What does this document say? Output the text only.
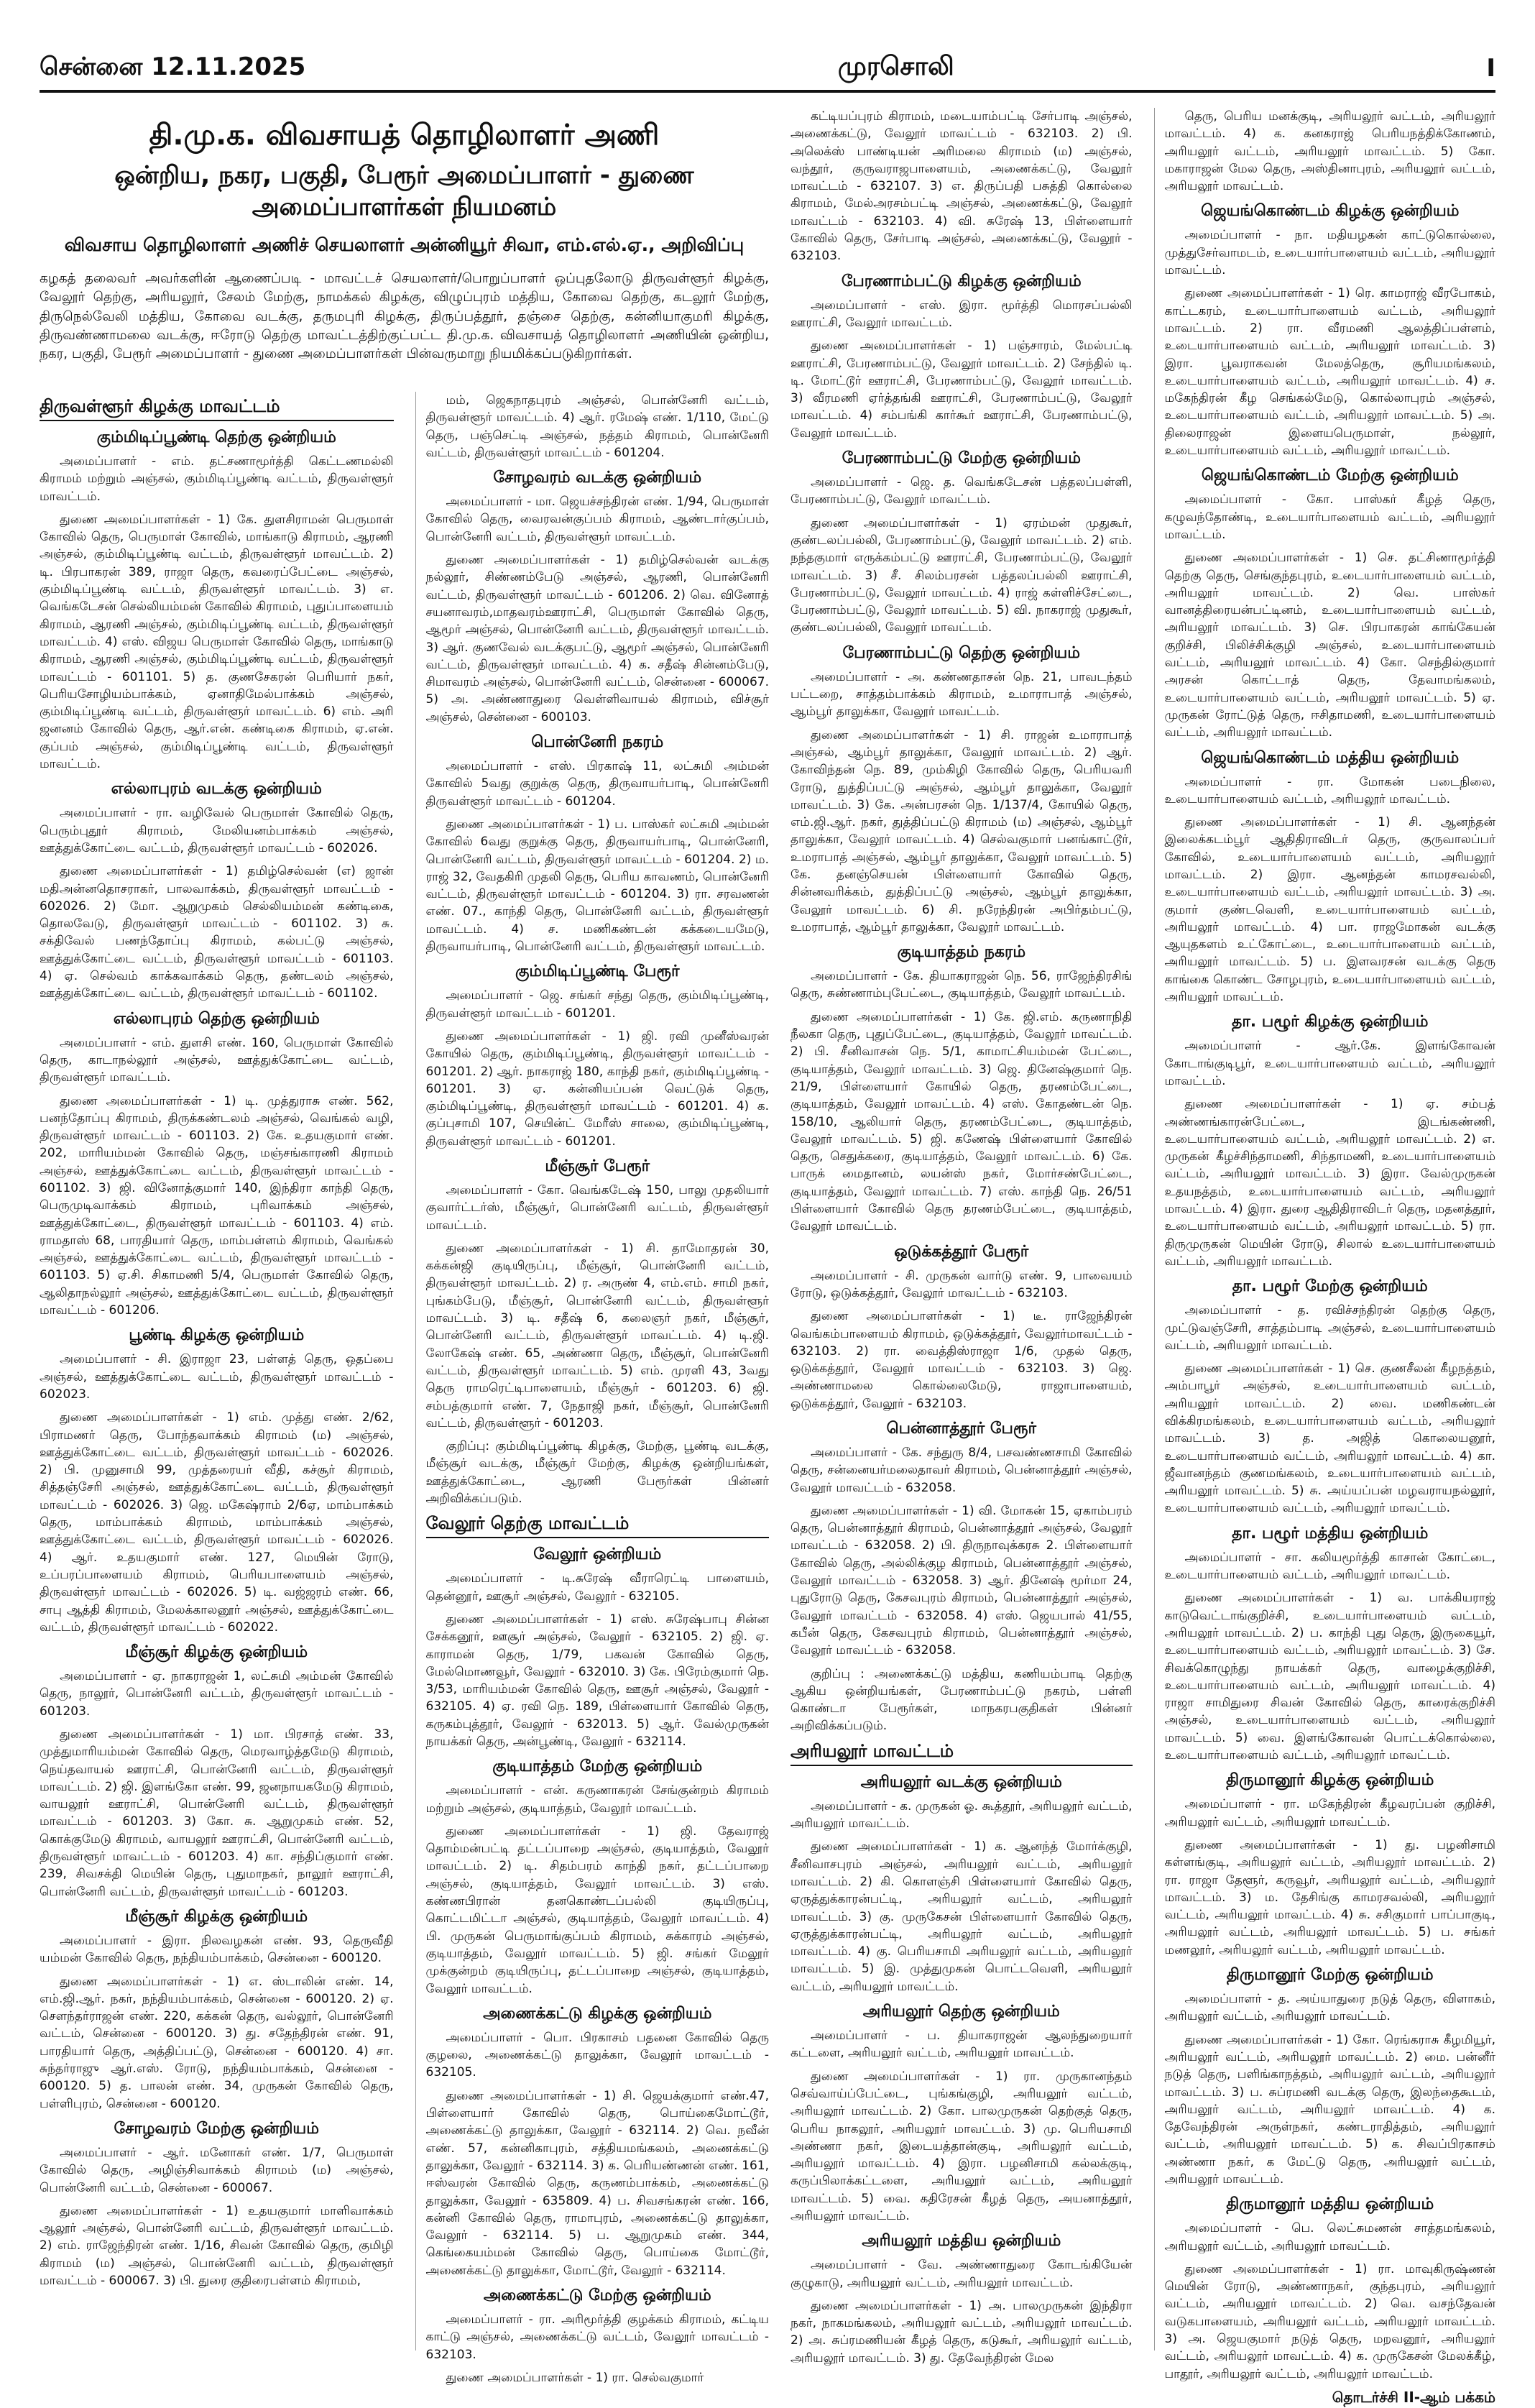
சென்னை 12.11.2025	முரசொலி	I
தி.மு.க. விவசாயத் தொழிலாளர் அணி
ஒன்றிய, நகர, பகுதி, பேரூர் அமைப்பாளர் - துணை அமைப்பாளர்கள் நியமனம்
விவசாய தொழிலாளர் அணிச் செயலாளர் அன்னியூர் சிவா, எம்.எல்.ஏ., அறிவிப்பு
கழகத் தலைவர் அவர்களின் ஆணைப்படி - மாவட்டச் செயலாளர்/பொறுப்பாளர் ஒப்புதலோடு திருவள்ளூர் கிழக்கு, வேலூர் தெற்கு, அரியலூர், சேலம் மேற்கு, நாமக்கல் கிழக்கு, விழுப்புரம் மத்திய, கோவை தெற்கு, கடலூர் மேற்கு, திருநெல்வேலி மத்திய, கோவை வடக்கு, தருமபுரி கிழக்கு, திருப்பத்தூர், தஞ்சை தெற்கு, கன்னியாகுமரி கிழக்கு, திருவண்ணாமலை வடக்கு, ஈரோடு தெற்கு மாவட்டத்திற்குட்பட்ட தி.மு.க. விவசாயத் தொழிலாளர் அணியின் ஒன்றிய, நகர, பகுதி, பேரூர் அமைப்பாளர் - துணை அமைப்பாளர்கள் பின்வருமாறு நியமிக்கப்படுகிறார்கள்.
திருவள்ளூர் கிழக்கு மாவட்டம்
கும்மிடிப்பூண்டி தெற்கு ஒன்றியம்

அமைப்பாளர் - எம். தட்சணாமூர்த்தி கெட்டணமல்லி கிராமம் மற்றும் அஞ்சல், கும்மிடிப்பூண்டி வட்டம், திருவள்ளூர் மாவட்டம்.

துணை அமைப்பாளர்கள் - 1) கே. துளசிராமன் பெருமாள் கோவில் தெரு, பெருமாள் கோவில், மாங்காடு கிராமம், ஆரணி அஞ்சல், கும்மிடிப்பூண்டி வட்டம், திருவள்ளூர் மாவட்டம். 2) டி. பிரபாகரன் 389, ராஜா தெரு, கவரைப்பேட்டை அஞ்சல், கும்மிடிப்பூண்டி வட்டம், திருவள்ளூர் மாவட்டம். 3) எ. வெங்கடேசன் செல்லியம்மன் கோவில் கிராமம், புதுப்பாளையம் கிராமம், ஆரணி அஞ்சல், கும்மிடிப்பூண்டி வட்டம், திருவள்ளூர் மாவட்டம். 4) எஸ். விஜய பெருமாள் கோவில் தெரு, மாங்காடு கிராமம், ஆரணி அஞ்சல், கும்மிடிப்பூண்டி வட்டம், திருவள்ளூர் மாவட்டம் - 601101. 5) த. குணசேகரன் பெரியார் நகர், பெரியசோழியம்பாக்கம், ஏனாதிமேல்பாக்கம் அஞ்சல், கும்மிடிப்பூண்டி வட்டம், திருவள்ளூர் மாவட்டம். 6) எம். அரி ஜனனம் கோவில் தெரு, ஆர்.என். கண்டிகை கிராமம், ஏ.என். குப்பம் அஞ்சல், கும்மிடிப்பூண்டி வட்டம், திருவள்ளூர் மாவட்டம்.

எல்லாபுரம் வடக்கு ஒன்றியம்

அமைப்பாளர் - ரா. வழிவேல் பெருமாள் கோவில் தெரு, பெரும்புதூர் கிராமம், மேலியனம்பாக்கம் அஞ்சல், ஊத்துக்கோட்டை வட்டம், திருவள்ளூர் மாவட்டம் - 602026.

துணை அமைப்பாளர்கள் - 1) தமிழ்செல்வன் (எ) ஜான் மதிஅன்னதொசராகர், பாலவாக்கம், திருவள்ளூர் மாவட்டம் - 602026. 2) மோ. ஆறுமுகம் செல்லியம்மன் கண்டிகை, தொலவேடு, திருவள்ளூர் மாவட்டம் - 601102. 3) சு. சக்திவேல் பணந்தோப்பு கிராமம், கல்பட்டு அஞ்சல், ஊத்துக்கோட்டை வட்டம், திருவள்ளூர் மாவட்டம் - 601103. 4) ஏ. செல்வம் காக்கவாக்கம் தெரு, தண்டலம் அஞ்சல், ஊத்துக்கோட்டை வட்டம், திருவள்ளூர் மாவட்டம் - 601102.

எல்லாபுரம் தெற்கு ஒன்றியம்

அமைப்பாளர் - எம். துளசி எண். 160, பெருமாள் கோவில் தெரு, காடாநல்லூர் அஞ்சல், ஊத்துக்கோட்டை வட்டம், திருவள்ளூர் மாவட்டம்.

துணை அமைப்பாளர்கள் - 1) டி. முத்துராசு எண். 562, பனந்தோப்பு கிராமம், திருக்கண்டலம் அஞ்சல், வெங்கல் வழி, திருவள்ளூர் மாவட்டம் - 601103. 2) கே. உதயகுமார் எண். 202, மாரியம்மன் கோவில் தெரு, மஞ்சங்காரணி கிராமம் அஞ்சல், ஊத்துக்கோட்டை வட்டம், திருவள்ளூர் மாவட்டம் - 601102. 3) ஜி. வினோத்குமார் 140, இந்திரா காந்தி தெரு, பெருமுடிவாக்கம் கிராமம், புரிவாக்கம் அஞ்சல், ஊத்துக்கோட்டை, திருவள்ளூர் மாவட்டம் - 601103. 4) எம். ராமதாஸ் 68, பாரதியார் தெரு, மாம்பள்ளம் கிராமம், வெங்கல் அஞ்சல், ஊத்துக்கோட்டை வட்டம், திருவள்ளூர் மாவட்டம் - 601103. 5) ஏ.சி. சிகாமணி 5/4, பெருமாள் கோவில் தெரு, ஆலிதாநல்லூர் அஞ்சல், ஊத்துக்கோட்டை வட்டம், திருவள்ளூர் மாவட்டம் - 601206.

பூண்டி கிழக்கு ஒன்றியம்

அமைப்பாளர் - சி. இராஜா 23, பள்ளத் தெரு, ஒதப்பை அஞ்சல், ஊத்துக்கோட்டை வட்டம், திருவள்ளூர் மாவட்டம் - 602023.

துணை அமைப்பாளர்கள் - 1) எம். முத்து எண். 2/62, பிராமணர் தெரு, போந்தவாக்கம் கிராமம் (ம) அஞ்சல், ஊத்துக்கோட்டை வட்டம், திருவள்ளூர் மாவட்டம் - 602026. 2) பி. முனுசாமி 99, முத்தரையர் வீதி, கச்சூர் கிராமம், சித்தஞ்சேரி அஞ்சல், ஊத்துக்கோட்டை வட்டம், திருவள்ளூர் மாவட்டம் - 602026. 3) ஜெ. மகேஷ்ராம் 2/6ஏ, மாம்பாக்கம் தெரு, மாம்பாக்கம் கிராமம், மாம்பாக்கம் அஞ்சல், ஊத்துக்கோட்டை வட்டம், திருவள்ளூர் மாவட்டம் - 602026. 4) ஆர். உதயகுமார் எண். 127, மெயின் ரோடு, உப்பரப்பாளையம் கிராமம், பெரியபாளையம் அஞ்சல், திருவள்ளூர் மாவட்டம் - 602026. 5) டி. வஜ்ஜரம் எண். 66, சாபு ஆத்தி கிராமம், மேலக்காலனூர் அஞ்சல், ஊத்துக்கோட்டை வட்டம், திருவள்ளூர் மாவட்டம் - 602022.

மீஞ்சூர் கிழக்கு ஒன்றியம்

அமைப்பாளர் - ஏ. நாகராஜன் 1, லட்சுமி அம்மன் கோவில் தெரு, நாலூர், பொன்னேரி வட்டம், திருவள்ளூர் மாவட்டம் - 601203.

துணை அமைப்பாளர்கள் - 1) மா. பிரசாத் எண். 33, முத்துமாரியம்மன் கோவில் தெரு, மெரவாழ்த்தமேடு கிராமம், நெய்தவாயல் ஊராட்சி, பொன்னேரி வட்டம், திருவள்ளூர் மாவட்டம். 2) ஜி. இளங்கோ எண். 99, ஜனநாயகமேடு கிராமம், வாயலூர் ஊராட்சி, பொன்னேரி வட்டம், திருவள்ளூர் மாவட்டம் - 601203. 3) கோ. சு. ஆறுமுகம் எண். 52, கொக்குமேடு கிராமம், வாயலூர் ஊராட்சி, பொன்னேரி வட்டம், திருவள்ளூர் மாவட்டம் - 601203. 4) கா. சந்திப்குமார் எண். 239, சிவசக்தி மெயின் தெரு, புதுமாநகர், நாலூர் ஊராட்சி, பொன்னேரி வட்டம், திருவள்ளூர் மாவட்டம் - 601203.

மீஞ்சூர் கிழக்கு ஒன்றியம்

அமைப்பாளர் - இரா. நிலவழகன் எண். 93, தெருவீதி யம்மன் கோவில் தெரு, நந்தியம்பாக்கம், சென்னை - 600120.

துணை அமைப்பாளர்கள் - 1) எ. ஸ்டாலின் எண். 14, எம்.ஜி.ஆர். நகர், நந்தியம்பாக்கம், சென்னை - 600120. 2) ஏ. சௌந்தர்ராஜன் எண். 220, கக்கன் தெரு, வல்லூர், பொன்னேரி வட்டம், சென்னை - 600120. 3) து. சதேந்திரன் எண். 91, பாரதியார் தெரு, அத்திப்பட்டு, சென்னை - 600120. 4) சா. சுந்தர்ராஜு ஆர்.எஸ். ரோடு, நந்தியம்பாக்கம், சென்னை - 600120. 5) த. பாலன் எண். 34, முருகன் கோவில் தெரு, பள்ளிபுரம், சென்னை - 600120.

சோழவரம் மேற்கு ஒன்றியம்

அமைப்பாளர் - ஆர். மனோகர் எண். 1/7, பெருமாள் கோவில் தெரு, அழிஞ்சிவாக்கம் கிராமம் (ம) அஞ்சல், பொன்னேரி வட்டம், சென்னை - 600067.

துணை அமைப்பாளர்கள் - 1) உதயகுமார் மாளிவாக்கம் ஆலூர் அஞ்சல், பொன்னேரி வட்டம், திருவள்ளூர் மாவட்டம். 2) எம். ராஜேந்திரன் எண். 1/16, சிவன் கோவில் தெரு, குமிழி கிராமம் (ம) அஞ்சல், பொன்னேரி வட்டம், திருவள்ளூர் மாவட்டம் - 600067. 3) பி. துரை குதிரைபள்ளம் கிராமம்,

மம், ஜெகநாதபுரம் அஞ்சல், பொன்னேரி வட்டம், திருவள்ளூர் மாவட்டம். 4) ஆர். ரமேஷ் எண். 1/110, மேட்டு தெரு, பஞ்செட்டி அஞ்சல், நத்தம் கிராமம், பொன்னேரி வட்டம், திருவள்ளூர் மாவட்டம் - 601204.

சோழவரம் வடக்கு ஒன்றியம்

அமைப்பாளர் - மா. ஜெயச்சந்திரன் எண். 1/94, பெருமாள் கோவில் தெரு, வைரவன்குப்பம் கிராமம், ஆண்டார்குப்பம், பொன்னேரி வட்டம், திருவள்ளூர் மாவட்டம்.

துணை அமைப்பாளர்கள் - 1) தமிழ்செல்வன் வடக்கு நல்லூர், சிண்ணம்பேடு அஞ்சல், ஆரணி, பொன்னேரி வட்டம், திருவள்ளூர் மாவட்டம் - 601206. 2) வெ. வினோத் சயனாவரம்,மாதவரம்ஊராட்சி, பெருமாள் கோவில் தெரு, ஆமூர் அஞ்சல், பொன்னேரி வட்டம், திருவள்ளூர் மாவட்டம். 3) ஆர். குணவேல் வடக்குபட்டு, ஆமூர் அஞ்சல், பொன்னேரி வட்டம், திருவள்ளூர் மாவட்டம். 4) க. சதீஷ் சின்னம்பேடு, சிமாவரம் அஞ்சல், பொன்னேரி வட்டம், சென்னை - 600067. 5) அ. அண்ணாதுரை வெள்ளிவாயல் கிராமம், விச்சூர் அஞ்சல், சென்னை - 600103.

பொன்னேரி நகரம்

அமைப்பாளர் - எஸ். பிரகாஷ் 11, லட்சுமி அம்மன் கோவில் 5வது குறுக்கு தெரு, திருவாயர்பாடி, பொன்னேரி திருவள்ளூர் மாவட்டம் - 601204.

துணை அமைப்பாளர்கள் - 1) ப. பாஸ்கர் லட்சுமி அம்மன் கோவில் 6வது குறுக்கு தெரு, திருவாயர்பாடி, பொன்னேரி, பொன்னேரி வட்டம், திருவள்ளூர் மாவட்டம் - 601204. 2) ம. ராஜ் 32, வேதகிரி முதலி தெரு, பெரிய காவணம், பொன்னேரி வட்டம், திருவள்ளூர் மாவட்டம் - 601204. 3) ரா. சரவணன் எண். 07., காந்தி தெரு, பொன்னேரி வட்டம், திருவள்ளூர் மாவட்டம். 4) ச. மணிகண்டன் கக்கடையமேடு, திருவாயர்பாடி, பொன்னேரி வட்டம், திருவள்ளூர் மாவட்டம்.

கும்மிடிப்பூண்டி பேரூர்

அமைப்பாளர் - ஜெ. சங்கர் சந்து தெரு, கும்மிடிப்பூண்டி, திருவள்ளூர் மாவட்டம் - 601201.

துணை அமைப்பாளர்கள் - 1) ஜி. ரவி முனீஸ்வரன் கோயில் தெரு, கும்மிடிப்பூண்டி, திருவள்ளூர் மாவட்டம் - 601201. 2) ஆர். நாகராஜ் 180, காந்தி நகர், கும்மிடிப்பூண்டி - 601201. 3) ஏ. கன்னியப்பன் வெட்டுக் தெரு, கும்மிடிப்பூண்டி, திருவள்ளூர் மாவட்டம் - 601201. 4) க. குப்புசாமி 107, செயின்ட் மேரீஸ் சாலை, கும்மிடிப்பூண்டி, திருவள்ளூர் மாவட்டம் - 601201.

மீஞ்சூர் பேரூர்

அமைப்பாளர் - கோ. வெங்கடேஷ் 150, பாலு முதலியார் குவார்ட்டர்ஸ், மீஞ்சூர், பொன்னேரி வட்டம், திருவள்ளூர் மாவட்டம்.

துணை அமைப்பாளர்கள் - 1) சி. தாமோதரன் 30, கக்கன்ஜி குடியிருப்பு, மீஞ்சூர், பொன்னேரி வட்டம், திருவள்ளூர் மாவட்டம். 2) ர. அருண் 4, எம்.எம். சாமி நகர், புங்கம்பேடு, மீஞ்சூர், பொன்னேரி வட்டம், திருவள்ளூர் மாவட்டம். 3) டி. சதீஷ் 6, கலைஞர் நகர், மீஞ்சூர், பொன்னேரி வட்டம், திருவள்ளூர் மாவட்டம். 4) டி.ஜி. லோகேஷ் எண். 65, அண்ணா தெரு, மீஞ்சூர், பொன்னேரி வட்டம், திருவள்ளூர் மாவட்டம். 5) எம். முரளி 43, 3வது தெரு ராமரெட்டிபாளையம், மீஞ்சூர் - 601203. 6) ஜி. சம்பத்குமார் எண். 7, நேதாஜி நகர், மீஞ்சூர், பொன்னேரி வட்டம், திருவள்ளூர் - 601203.

குறிப்பு: கும்மிடிப்பூண்டி கிழக்கு, மேற்கு, பூண்டி வடக்கு, மீஞ்சூர் வடக்கு, மீஞ்சூர் மேற்கு, கிழக்கு ஒன்றியங்கள், ஊத்துக்கோட்டை, ஆரணி பேரூர்கள் பின்னர் அறிவிக்கப்படும்.

வேலூர் தெற்கு மாவட்டம்
வேலூர் ஒன்றியம்

அமைப்பாளர் - டி.சுரேஷ் வீராரெட்டி பாளையம், தென்னூர், ஊசூர் அஞ்சல், வேலூர் - 632105.

துணை அமைப்பாளர்கள் - 1) எஸ். சுரேஷ்பாபு சின்ன சேக்கனூர், ஊசூர் அஞ்சல், வேலூர் - 632105. 2) ஜி. ஏ. காராமன் தெரு, 1/79, பகவன் கோவில் தெரு, மேல்மொணவூர், வேலூர் - 632010. 3) கே. பிரேம்குமார் நெ. 3/53, மாரியம்மன் கோவில் தெரு, ஊசூர் அஞ்சல், வேலூர் - 632105. 4) ஏ. ரவி நெ. 189, பிள்ளையார் கோவில் தெரு, கருகம்புத்தூர், வேலூர் - 632013. 5) ஆர். வேல்முருகன் நாயக்கர் தெரு, அன்பூண்டி, வேலூர் - 632114.

குடியாத்தம் மேற்கு ஒன்றியம்

அமைப்பாளர் - என். கருணாகரன் சேங்குன்றம் கிராமம் மற்றும் அஞ்சல், குடியாத்தம், வேலூர் மாவட்டம்.

துணை அமைப்பாளர்கள் - 1) ஜி. தேவராஜ் தொம்மன்பட்டி தட்டப்பாறை அஞ்சல், குடியாத்தம், வேலூர் மாவட்டம். 2) டி. சிதம்பரம் காந்தி நகர், தட்டப்பாறை அஞ்சல், குடியாத்தம், வேலூர் மாவட்டம். 3) எஸ். கண்ணபிரான் தனகொண்டப்பல்லி குடியிருப்பு, கொட்டமிட்டா அஞ்சல், குடியாத்தம், வேலூர் மாவட்டம். 4) பி. முருகன் பெருமாங்குப்பம் கிராமம், சுக்காரம் அஞ்சல், குடியாத்தம், வேலூர் மாவட்டம். 5) ஜி. சங்கர் மேலூர் முக்குன்றம் குடியிருப்பு, தட்டப்பாறை அஞ்சல், குடியாத்தம், வேலூர் மாவட்டம்.

அணைக்கட்டு கிழக்கு ஒன்றியம்

அமைப்பாளர் - பொ. பிரகாசம் பதனை கோவில் தெரு குழலை, அணைக்கட்டு தாலுக்கா, வேலூர் மாவட்டம் - 632105.

துணை அமைப்பாளர்கள் - 1) சி. ஜெயக்குமார் எண்.47, பிள்ளையார் கோவில் தெரு, பொய்கைமோட்டூர், அணைக்கட்டு தாலுக்கா, வேலூர் - 632114. 2) வெ. நவீன் எண். 57, கன்னிகாபுரம், சத்தியமங்கலம், அணைக்கட்டு தாலுக்கா, வேலூர் - 632114. 3) க. பெரியண்ணன் எண். 161, ஈஸ்வரன் கோவில் தெரு, கருணம்பாக்கம், அணைக்கட்டு தாலுக்கா, வேலூர் - 635809. 4) ப. சிவசங்கரன் எண். 166, கன்னி கோவில் தெரு, ராமாபுரம், அணைக்கட்டு தாலுக்கா, வேலூர் - 632114. 5) ப. ஆறுமுகம் எண். 344, கெங்கையம்மன் கோவில் தெரு, பொய்கை மோட்டூர், அணைக்கட்டு தாலுக்கா, மோட்டூர், வேலூர் - 632114.

அணைக்கட்டு மேற்கு ஒன்றியம்

அமைப்பாளர் - ரா. அரிமூர்த்தி குழக்கம் கிராமம், கட்டிய காட்டு அஞ்சல், அணைக்கட்டு வட்டம், வேலூர் மாவட்டம் - 632103.

துணை அமைப்பாளர்கள் - 1) ரா. செல்வகுமார்

கட்டியப்புரம் கிராமம், மடையாம்பட்டி சேர்பாடி அஞ்சல், அணைக்கட்டு, வேலூர் மாவட்டம் - 632103. 2) பி. அலெக்ஸ் பாண்டியன் அரிமலை கிராமம் (ம) அஞ்சல், வந்தூர், குருவராஜபாளையம், அணைக்கட்டு, வேலூர் மாவட்டம் - 632107. 3) எ. திருப்பதி பசுத்தி கொல்லை கிராமம், மேல்அரசம்பட்டி அஞ்சல், அணைக்கட்டு, வேலூர் மாவட்டம் - 632103. 4) வி. சுரேஷ் 13, பிள்ளையார் கோவில் தெரு, சேர்பாடி அஞ்சல், அணைக்கட்டு, வேலூர் - 632103.

பேரணாம்பட்டு கிழக்கு ஒன்றியம்

அமைப்பாளர் - எஸ். இரா. மூர்த்தி மொரசப்பல்லி ஊராட்சி, வேலூர் மாவட்டம்.

துணை அமைப்பாளர்கள் - 1) பஞ்சாரம், மேல்பட்டி ஊராட்சி, பேரணாம்பட்டு, வேலூர் மாவட்டம். 2) சேந்தில் டி. டி. மோட்டூர் ஊராட்சி, பேரணாம்பட்டு, வேலூர் மாவட்டம். 3) வீரமணி ஏர்த்தங்கி ஊராட்சி, பேரணாம்பட்டு, வேலூர் மாவட்டம். 4) சம்பங்கி கார்கூர் ஊராட்சி, பேரணாம்பட்டு, வேலூர் மாவட்டம்.

பேரணாம்பட்டு மேற்கு ஒன்றியம்

அமைப்பாளர் - ஜெ. த. வெங்கடேசன் பத்தலப்பள்ளி, பேரணாம்பட்டு, வேலூர் மாவட்டம்.

துணை அமைப்பாளர்கள் - 1) ஏரம்மன் முதுகூர், குண்டலப்பல்லி, பேரணாம்பட்டு, வேலூர் மாவட்டம். 2) எம். நந்தகுமார் எருக்கம்பட்டு ஊராட்சி, பேரணாம்பட்டு, வேலூர் மாவட்டம். 3) சீ. சிலம்பரசன் பத்தலப்பல்லி ஊராட்சி, பேரணாம்பட்டு, வேலூர் மாவட்டம். 4) ராஜ் கள்ளிச்சேட்டை, பேரணாம்பட்டு, வேலூர் மாவட்டம். 5) வி. நாகராஜ் முதுகூர், குண்டலப்பல்லி, வேலூர் மாவட்டம்.

பேரணாம்பட்டு தெற்கு ஒன்றியம்

அமைப்பாளர் - அ. கண்ணதாசன் நெ. 21, பாவடந்தம் பட்டறை, சாத்தம்பாக்கம் கிராமம், உமாராபாத் அஞ்சல், ஆம்பூர் தாலுக்கா, வேலூர் மாவட்டம்.

துணை அமைப்பாளர்கள் - 1) சி. ராஜன் உமாராபாத் அஞ்சல், ஆம்பூர் தாலுக்கா, வேலூர் மாவட்டம். 2) ஆர். கோவிந்தன் நெ. 89, மும்கிழி கோவில் தெரு, பெரியவரி ரோடு, துத்திப்பட்டு அஞ்சல், ஆம்பூர் தாலுக்கா, வேலூர் மாவட்டம். 3) கே. அன்பரசன் நெ. 1/137/4, கோயில் தெரு, எம்.ஜி.ஆர். நகர், துத்திப்பட்டு கிராமம் (ம) அஞ்சல், ஆம்பூர் தாலுக்கா, வேலூர் மாவட்டம். 4) செல்வகுமார் பனங்காட்டூர், உமராபாத் அஞ்சல், ஆம்பூர் தாலுக்கா, வேலூர் மாவட்டம். 5) கே. தனஞ்செயன் பிள்ளையார் கோவில் தெரு, சின்னவரிக்கம், துத்திப்பட்டு அஞ்சல், ஆம்பூர் தாலுக்கா, வேலூர் மாவட்டம். 6) சி. நரேந்திரன் அபிர்தம்பட்டு, உமராபாத், ஆம்பூர் தாலுக்கா, வேலூர் மாவட்டம்.

குடியாத்தம் நகரம்

அமைப்பாளர் - கே. தியாகராஜன் நெ. 56, ராஜேந்திரசிங் தெரு, சுண்ணாம்புபேட்டை, குடியாத்தம், வேலூர் மாவட்டம்.

துணை அமைப்பாளர்கள் - 1) கே. ஜி.எம். கருணாநிதி நீலகா தெரு, புதுப்பேட்டை, குடியாத்தம், வேலூர் மாவட்டம். 2) பி. சீனிவாசன் நெ. 5/1, காமாட்சியம்மன் பேட்டை, குடியாத்தம், வேலூர் மாவட்டம். 3) ஜெ. தினேஷ்குமார் நெ. 21/9, பிள்ளையார் கோயில் தெரு, தரணம்பேட்டை, குடியாத்தம், வேலூர் மாவட்டம். 4) எஸ். கோதண்டன் நெ. 158/10, ஆலியார் தெரு, தரணம்பேட்டை, குடியாத்தம், வேலூர் மாவட்டம். 5) ஜி. கணேஷ் பிள்ளையார் கோவில் தெரு, செதுக்கரை, குடியாத்தம், வேலூர் மாவட்டம். 6) கே. பாருக் மைதானம், லயன்ஸ் நகர், மோர்சண்பேட்டை, குடியாத்தம், வேலூர் மாவட்டம். 7) எஸ். காந்தி நெ. 26/51 பிள்ளையார் கோவில் தெரு தரணம்பேட்டை, குடியாத்தம், வேலூர் மாவட்டம்.

ஒடுக்கத்தூர் பேரூர்

அமைப்பாளர் - சி. முருகன் வார்டு எண். 9, பாவையம் ரோடு, ஒடுக்கத்தூர், வேலூர் மாவட்டம் - 632103.

துணை அமைப்பாளர்கள் - 1) டீ. ராஜேந்திரன் வெங்கம்பாளையம் கிராமம், ஒடுக்கத்தூர், வேலூர்மாவட்டம் - 632103. 2) ரா. வைத்திஸ்ராஜா 1/6, முதல் தெரு, ஒடுக்கத்தூர், வேலூர் மாவட்டம் - 632103. 3) ஜெ. அண்ணாமலை கொல்லைமேடு, ராஜாபாளையம், ஒடுக்கத்தூர், வேலூர் - 632103.

பென்னாத்தூர் பேரூர்

அமைப்பாளர் - கே. சந்துரு 8/4, பசவண்ணசாமி கோவில் தெரு, சன்னையர்மலைதாவர் கிராமம், பென்னாத்தூர் அஞ்சல், வேலூர் மாவட்டம் - 632058.

துணை அமைப்பாளர்கள் - 1) வி. மோகன் 15, ஏகாம்பரம் தெரு, பென்னாத்தூர் கிராமம், பென்னாத்தூர் அஞ்சல், வேலூர் மாவட்டம் - 632058. 2) பி. திருநாவுக்கரசு 2. பிள்ளையார் கோவில் தெரு, அல்லிக்குழ கிராமம், பென்னாத்தூர் அஞ்சல், வேலூர் மாவட்டம் - 632058. 3) ஆர். தினேஷ் மூர்மா 24, புதுரோடு தெரு, கேசவபுரம் கிராமம், பென்னாத்தூர் அஞ்சல், வேலூர் மாவட்டம் - 632058. 4) எஸ். ஜெயபால் 41/55, கபீன் தெரு, கேசவபுரம் கிராமம், பென்னாத்தூர் அஞ்சல், வேலூர் மாவட்டம் - 632058.

குறிப்பு : அணைக்கட்டு மத்திய, கணியம்பாடி தெற்கு ஆகிய ஒன்றியங்கள், பேரணாம்பட்டு நகரம், பள்ளி கொண்டா பேரூர்கள், மாநகரபகுதிகள் பின்னர் அறிவிக்கப்படும்.

அரியலூர் மாவட்டம்
அரியலூர் வடக்கு ஒன்றியம்

அமைப்பாளர் - க. முருகன் ஓ. கூத்தூர், அரியலூர் வட்டம், அரியலூர் மாவட்டம்.

துணை அமைப்பாளர்கள் - 1) க. ஆனந்த் மோர்க்குழி, சீனிவாசபுரம் அஞ்சல், அரியலூர் வட்டம், அரியலூர் மாவட்டம். 2) கி. கொளஞ்சி பிள்ளையார் கோவில் தெரு, ஏருத்துக்காரன்பட்டி, அரியலூர் வட்டம், அரியலூர் மாவட்டம். 3) கு. முருகேசன் பிள்ளையார் கோவில் தெரு, ஏருத்துக்காரன்பட்டி, அரியலூர் வட்டம், அரியலூர் மாவட்டம். 4) கு. பெரியசாமி அரியலூர் வட்டம், அரியலூர் மாவட்டம். 5) இ. முத்துமுகன் பொட்டவெளி, அரியலூர் வட்டம், அரியலூர் மாவட்டம்.

அரியலூர் தெற்கு ஒன்றியம்

அமைப்பாளர் - ப. தியாகராஜன் ஆலந்துறையார் கட்டளை, அரியலூர் வட்டம், அரியலூர் மாவட்டம்.

துணை அமைப்பாளர்கள் - 1) ரா. முருகானந்தம் செவ்வாய்ப்பேட்டை, புங்கங்குழி, அரியலூர் வட்டம், அரியலூர் மாவட்டம். 2) கோ. பாலமுருகன் தெற்குத் தெரு, பெரிய நாகலூர், அரியலூர் மாவட்டம். 3) மு. பெரியசாமி அண்ணா நகர், இடையத்தான்குடி, அரியலூர் வட்டம், அரியலூர் மாவட்டம். 4) இரா. பழனிசாமி கல்லக்குடி, கருப்பிலாக்கட்டளை, அரியலூர் வட்டம், அரியலூர் மாவட்டம். 5) வை. கதிரேசன் கீழத் தெரு, அயனாத்தூர், அரியலூர் மாவட்டம்.

அரியலூர் மத்திய ஒன்றியம்

அமைப்பாளர் - வே. அண்ணாதுரை கோடங்கியேன் குழுகாடு, அரியலூர் வட்டம், அரியலூர் மாவட்டம்.

துணை அமைப்பாளர்கள் - 1) அ. பாலமுருகன் இந்திரா நகர், நாகமங்கலம், அரியலூர் வட்டம், அரியலூர் மாவட்டம். 2) அ. சுப்ரமணியன் கீழத் தெரு, கடுகூர், அரியலூர் வட்டம், அரியலூர் மாவட்டம். 3) து. தேவேந்திரன் மேல

தெரு, பெரிய மனக்குடி, அரியலூர் வட்டம், அரியலூர் மாவட்டம். 4) க. கனகராஜ் பெரியநத்திக்கோணம், அரியலூர் வட்டம், அரியலூர் மாவட்டம். 5) கோ. மகாராஜன் மேல தெரு, அஸ்தினாபுரம், அரியலூர் வட்டம், அரியலூர் மாவட்டம்.

ஜெயங்கொண்டம் கிழக்கு ஒன்றியம்

அமைப்பாளர் - நா. மதியழகன் காட்டுகொல்லை, முத்துசேர்வாமடம், உடையார்பாளையம் வட்டம், அரியலூர் மாவட்டம்.

துணை அமைப்பாளர்கள் - 1) ரெ. காமராஜ் வீரபோகம், காட்டகரம், உடையார்பாளையம் வட்டம், அரியலூர் மாவட்டம். 2) ரா. வீரமணி ஆலத்திப்பள்ளம், உடையார்பாளையம் வட்டம், அரியலூர் மாவட்டம். 3) இரா. பூவராகவன் மேலத்தெரு, சூரியமங்கலம், உடையார்பாளையம் வட்டம், அரியலூர் மாவட்டம். 4) ச. மகேந்திரன் கீழ செங்கல்மேடு, கொல்லாபுரம் அஞ்சல், உடையார்பாளையம் வட்டம், அரியலூர் மாவட்டம். 5) அ. திலைராஜன் இளையபெருமாள், நல்லூர், உடையார்பாளையம் வட்டம், அரியலூர் மாவட்டம்.

ஜெயங்கொண்டம் மேற்கு ஒன்றியம்

அமைப்பாளர் - கோ. பாஸ்கர் கீழத் தெரு, கழுவந்தோண்டி, உடையார்பாளையம் வட்டம், அரியலூர் மாவட்டம்.

துணை அமைப்பாளர்கள் - 1) செ. தட்சிணாமூர்த்தி தெற்கு தெரு, செங்குந்தபுரம், உடையார்பாளையம் வட்டம், அரியலூர் மாவட்டம். 2) வெ. பாஸ்கர் வானத்திரையன்பட்டினம், உடையார்பாளையம் வட்டம், அரியலூர் மாவட்டம். 3) செ. பிரபாகரன் காங்கேயன் குறிச்சி, பிலிச்சிக்குழி அஞ்சல், உடையார்பாளையம் வட்டம், அரியலூர் மாவட்டம். 4) கோ. செந்தில்குமார் அரசன் கொட்டாத் தெரு, தேவாமங்கலம், உடையார்பாளையம் வட்டம், அரியலூர் மாவட்டம். 5) ஏ. முருகன் ரோட்டுத் தெரு, ஈசிதாமணி, உடையார்பாளையம் வட்டம், அரியலூர் மாவட்டம்.

ஜெயங்கொண்டம் மத்திய ஒன்றியம்

அமைப்பாளர் - ரா. மோகன் படைநிலை, உடையார்பாளையம் வட்டம், அரியலூர் மாவட்டம்.

துணை அமைப்பாளர்கள் - 1) சி. ஆனந்தன் இலைக்கடம்பூர் ஆதிதிராவிடர் தெரு, குருவாலப்பர் கோவில், உடையார்பாளையம் வட்டம், அரியலூர் மாவட்டம். 2) இரா. ஆனந்தன் காமரசவல்லி, உடையார்பாளையம் வட்டம், அரியலூர் மாவட்டம். 3) அ. குமார் குண்டவெளி, உடையார்பாளையம் வட்டம், அரியலூர் மாவட்டம். 4) பா. ராஜமோகன் வடக்கு ஆயுதகளம் உட்கோட்டை, உடையார்பாளையம் வட்டம், அரியலூர் மாவட்டம். 5) ப. இளவரசன் வடக்கு தெரு காங்கை கொண்ட சோழபுரம், உடையார்பாளையம் வட்டம், அரியலூர் மாவட்டம்.

தா. பழூர் கிழக்கு ஒன்றியம்

அமைப்பாளர் - ஆர்.கே. இளங்கோவன் கோடாங்குடிபூர், உடையார்பாளையம் வட்டம், அரியலூர் மாவட்டம்.

துணை அமைப்பாளர்கள் - 1) ஏ. சம்பத் அண்ணங்காரன்பேட்டை, இடங்கண்ணி, உடையார்பாளையம் வட்டம், அரியலூர் மாவட்டம். 2) எ. முருகன் கீழச்சிந்தாமணி, சிந்தாமணி, உடையார்பாளையம் வட்டம், அரியலூர் மாவட்டம். 3) இரா. வேல்முருகன் உதயநத்தம், உடையார்பாளையம் வட்டம், அரியலூர் மாவட்டம். 4) இரா. துரை ஆதிதிராவிடர் தெரு, மதனத்தூர், உடையார்பாளையம் வட்டம், அரியலூர் மாவட்டம். 5) ரா. திருமுருகன் மெயின் ரோடு, சிலால் உடையார்பாளையம் வட்டம், அரியலூர் மாவட்டம்.

தா. பழூர் மேற்கு ஒன்றியம்

அமைப்பாளர் - த. ரவிச்சந்திரன் தெற்கு தெரு, முட்டுவஞ்சேரி, சாத்தம்பாடி அஞ்சல், உடையார்பாளையம் வட்டம், அரியலூர் மாவட்டம்.

துணை அமைப்பாளர்கள் - 1) செ. குணசீலன் கீழநத்தம், அம்பாபூர் அஞ்சல், உடையார்பாளையம் வட்டம், அரியலூர் மாவட்டம். 2) வை. மணிகண்டன் விக்கிரமங்கலம், உடையார்பாளையம் வட்டம், அரியலூர் மாவட்டம். 3) த. அஜித் கொலையனூர், உடையார்பாளையம் வட்டம், அரியலூர் மாவட்டம். 4) கா. ஜீவானந்தம் குணமங்கலம், உடையார்பாளையம் வட்டம், அரியலூர் மாவட்டம். 5) சு. அய்யப்பன் மழவராயநல்லூர், உடையார்பாளையம் வட்டம், அரியலூர் மாவட்டம்.

தா. பழூர் மத்திய ஒன்றியம்

அமைப்பாளர் - சா. கலியமூர்த்தி காசான் கோட்டை, உடையார்பாளையம் வட்டம், அரியலூர் மாவட்டம்.

துணை அமைப்பாளர்கள் - 1) வ. பாக்கியராஜ் காடுவெட்டாங்குறிச்சி, உடையார்பாளையம் வட்டம், அரியலூர் மாவட்டம். 2) ப. காந்தி புது தெரு, இருகையூர், உடையார்பாளையம் வட்டம், அரியலூர் மாவட்டம். 3) சே. சிவக்கொழுந்து நாயக்கர் தெரு, வாழைக்குறிச்சி, உடையார்பாளையம் வட்டம், அரியலூர் மாவட்டம். 4) ராஜா சாமிதுரை சிவன் கோவில் தெரு, காரைக்குறிச்சி அஞ்சல், உடையார்பாளையம் வட்டம், அரியலூர் மாவட்டம். 5) வை. இளங்கோவன் பொட்டக்கொல்லை, உடையார்பாளையம் வட்டம், அரியலூர் மாவட்டம்.

திருமானூர் கிழக்கு ஒன்றியம்

அமைப்பாளர் - ரா. மகேந்திரன் கீழவரப்பன் குறிச்சி, அரியலூர் வட்டம், அரியலூர் மாவட்டம்.

துணை அமைப்பாளர்கள் - 1) து. பழனிசாமி கள்ளங்குடி, அரியலூர் வட்டம், அரியலூர் மாவட்டம். 2) ரா. ராஜா தேளூர், கருவூர், அரியலூர் வட்டம், அரியலூர் மாவட்டம். 3) ம. தேசிங்கு காமரசவல்லி, அரியலூர் வட்டம், அரியலூர் மாவட்டம். 4) சு. சசிகுமார் பாப்பாகுடி, அரியலூர் வட்டம், அரியலூர் மாவட்டம். 5) ப. சங்கர் மணலூர், அரியலூர் வட்டம், அரியலூர் மாவட்டம்.

திருமானூர் மேற்கு ஒன்றியம்

அமைப்பாளர் - த. அய்யாதுரை நடுத் தெரு, விளாகம், அரியலூர் வட்டம், அரியலூர் மாவட்டம்.

துணை அமைப்பாளர்கள் - 1) கோ. ரெங்கராசு கீழமியூர், அரியலூர் வட்டம், அரியலூர் மாவட்டம். 2) மை. பன்னீர் நடுத் தெரு, பளிங்காநத்தம், அரியலூர் வட்டம், அரியலூர் மாவட்டம். 3) ப. சுப்ரமணி வடக்கு தெரு, இலந்தைகூடம், அரியலூர் வட்டம், அரியலூர் மாவட்டம். 4) க. தேவேந்திரன் அருள்நகர், கண்டராதித்தம், அரியலூர் வட்டம், அரியலூர் மாவட்டம். 5) க. சிவப்பிரகாசம் அண்ணா நகர், க மேட்டு தெரு, அரியலூர் வட்டம், அரியலூர் மாவட்டம்.

திருமானூர் மத்திய ஒன்றியம்

அமைப்பாளர் - பெ. லெட்சுமணன் சாத்தமங்கலம், அரியலூர் வட்டம், அரியலூர் மாவட்டம்.

துணை அமைப்பாளர்கள் - 1) ரா. மாவுகிருஷ்ணன் மெயின் ரோடு, அண்ணாநகர், குந்தபுரம், அரியலூர் வட்டம், அரியலூர் மாவட்டம். 2) வெ. வசந்தேவன் வடுகபாளையம், அரியலூர் வட்டம், அரியலூர் மாவட்டம். 3) அ. ஜெயகுமார் நடுத் தெரு, மறவனூர், அரியலூர் வட்டம், அரியலூர் மாவட்டம். 4) க. முருகேசன் மேலக்கீழ், பாதூர், அரியலூர் வட்டம், அரியலூர் மாவட்டம்.

தொடர்ச்சி II-ஆம் பக்கம்
